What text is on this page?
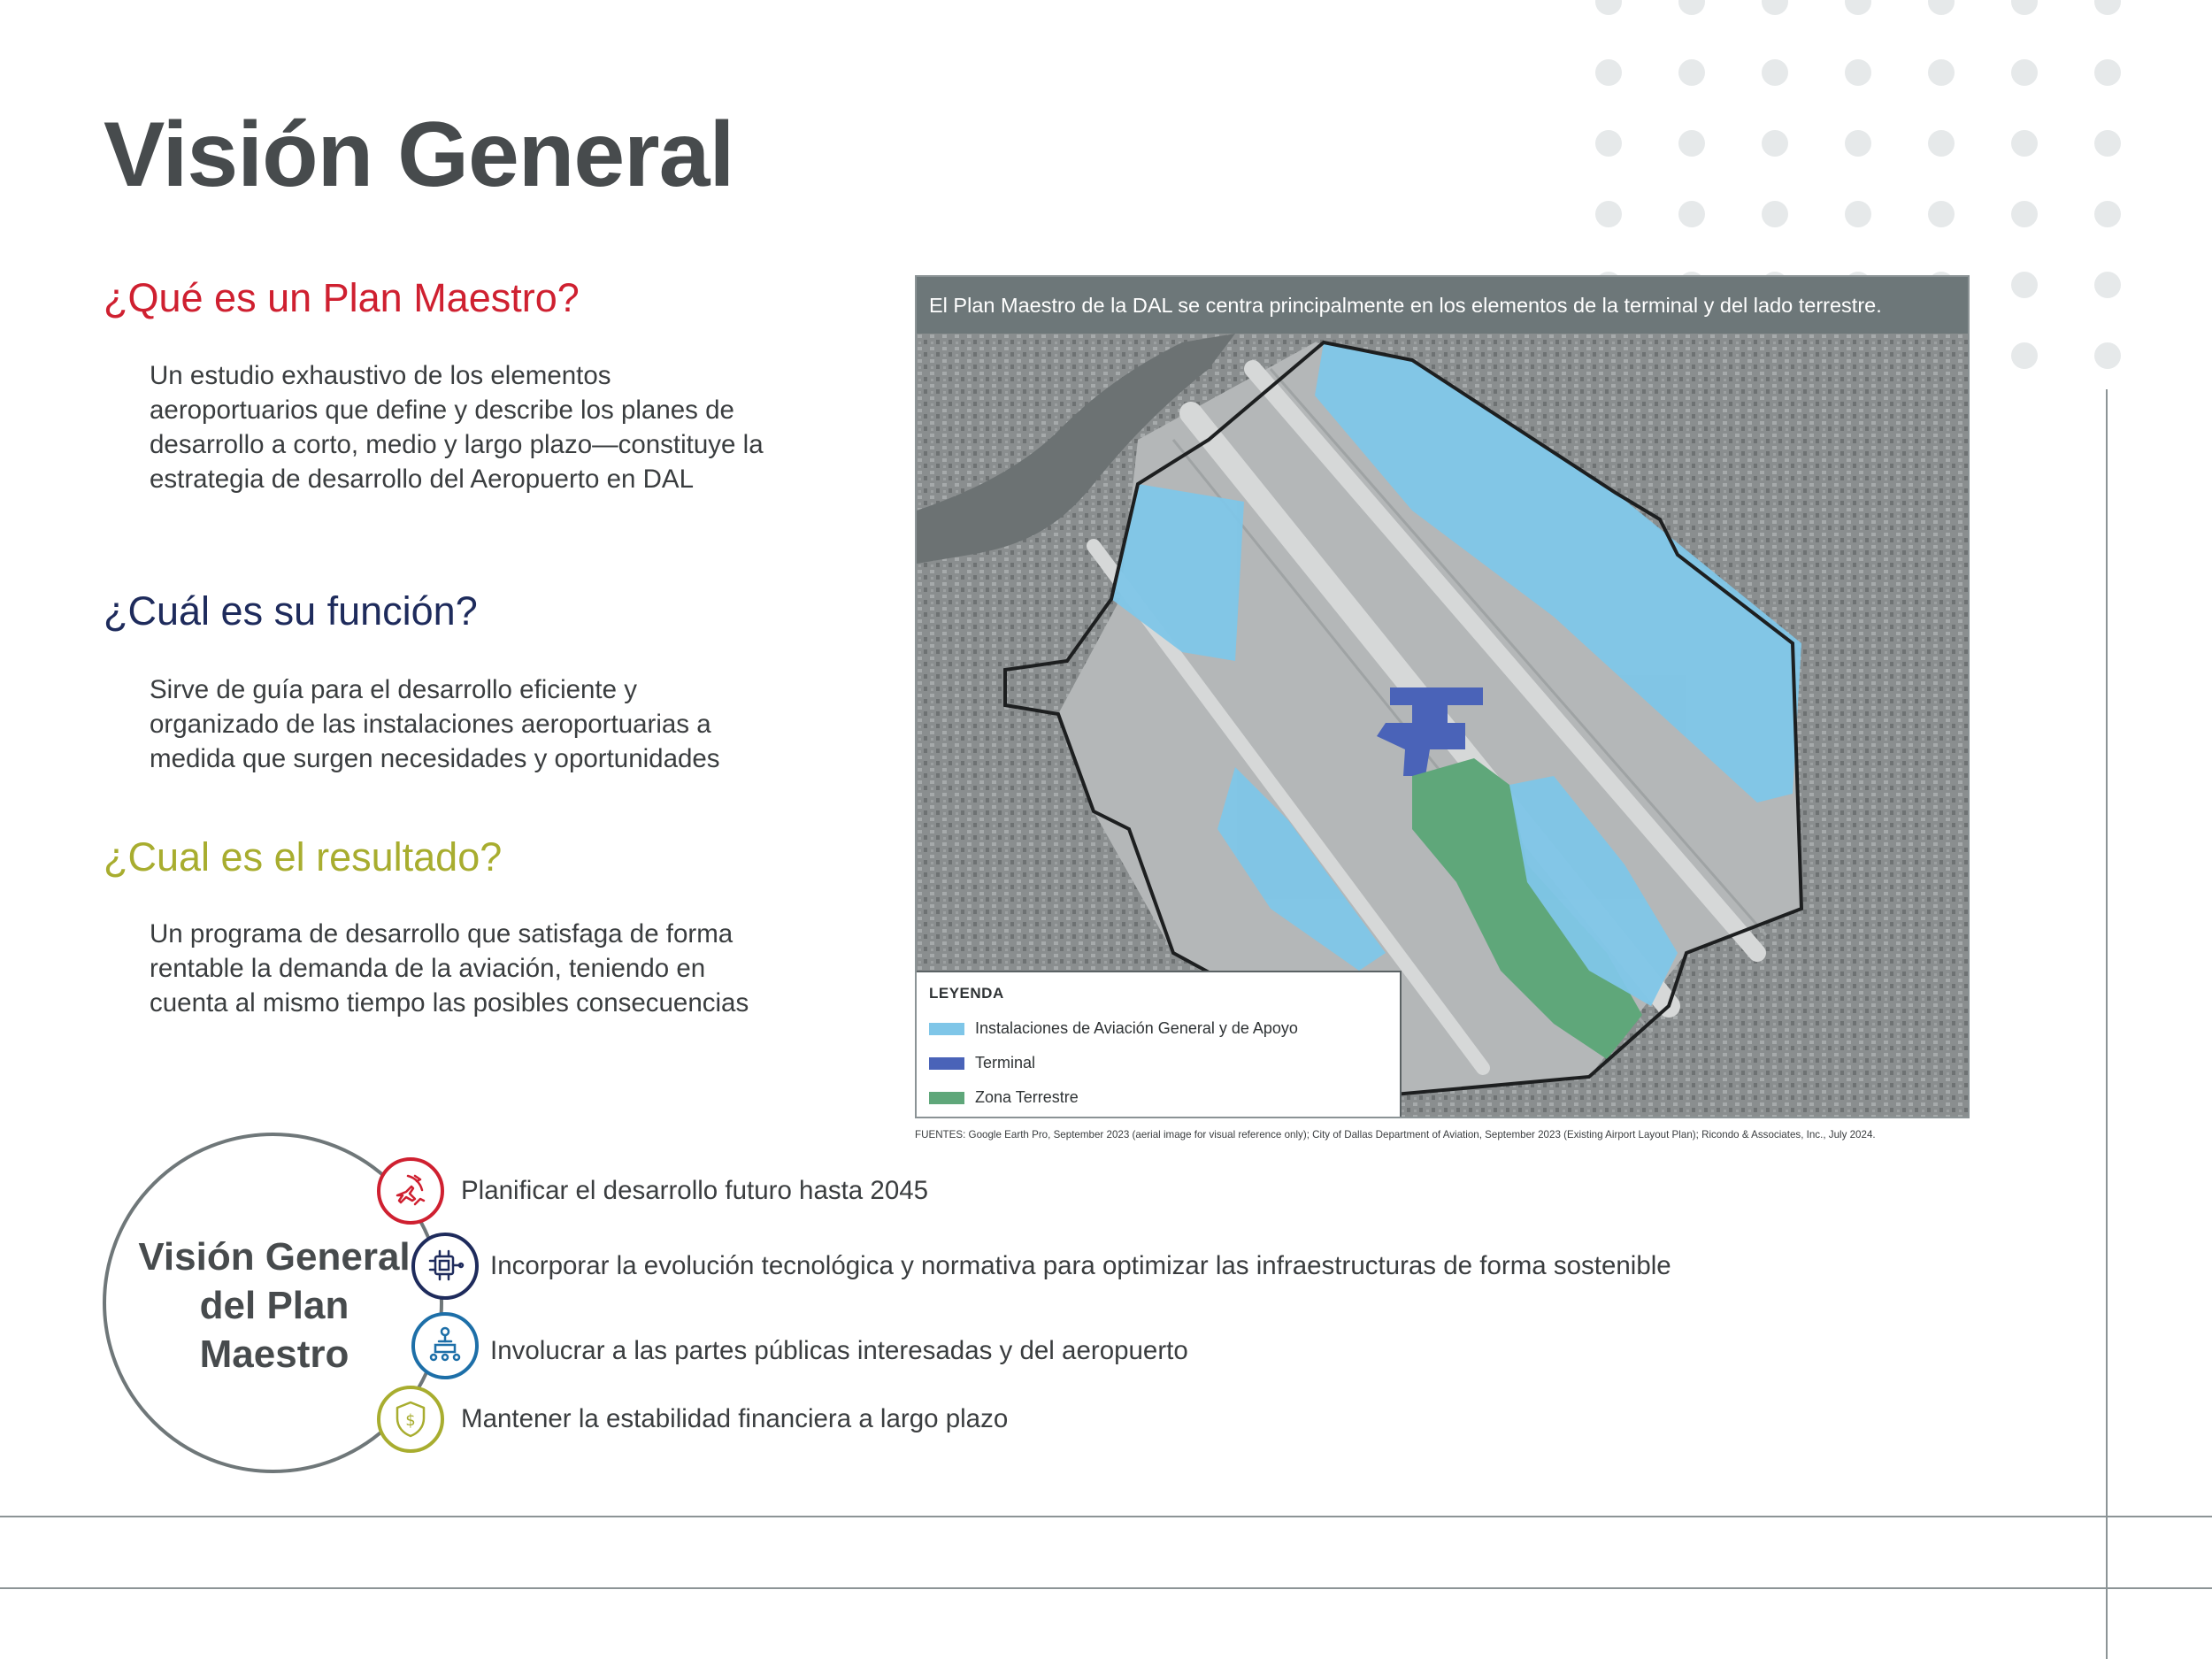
Visión General
¿Qué es un Plan Maestro?

Un estudio exhaustivo de los elementos aeroportuarios que define y describe los planes de desarrollo a corto, medio y largo plazo—constituye la estrategia de desarrollo del Aeropuerto en DAL

¿Cuál es su función?

Sirve de guía para el desarrollo eficiente y organizado de las instalaciones aeroportuarias a medida que surgen necesidades y oportunidades

¿Cual es el resultado?

Un programa de desarrollo que satisfaga de forma rentable la demanda de la aviación, teniendo en cuenta al mismo tiempo las posibles consecuencias

El Plan Maestro de la DAL se centra principalmente en los elementos de la terminal y del lado terrestre.
LEYENDA
Instalaciones de Aviación General y de Apoyo
Terminal
Zona Terrestre
FUENTES: Google Earth Pro, September 2023 (aerial image for visual reference only); City of Dallas Department of Aviation, September 2023 (Existing Airport Layout Plan); Ricondo & Associates, Inc., July 2024.
Visión General
del Plan
Maestro
$
Planificar el desarrollo futuro hasta 2045
Incorporar la evolución tecnológica y normativa para optimizar las infraestructuras de forma sostenible
Involucrar a las partes públicas interesadas y del aeropuerto
Mantener la estabilidad financiera a largo plazo
